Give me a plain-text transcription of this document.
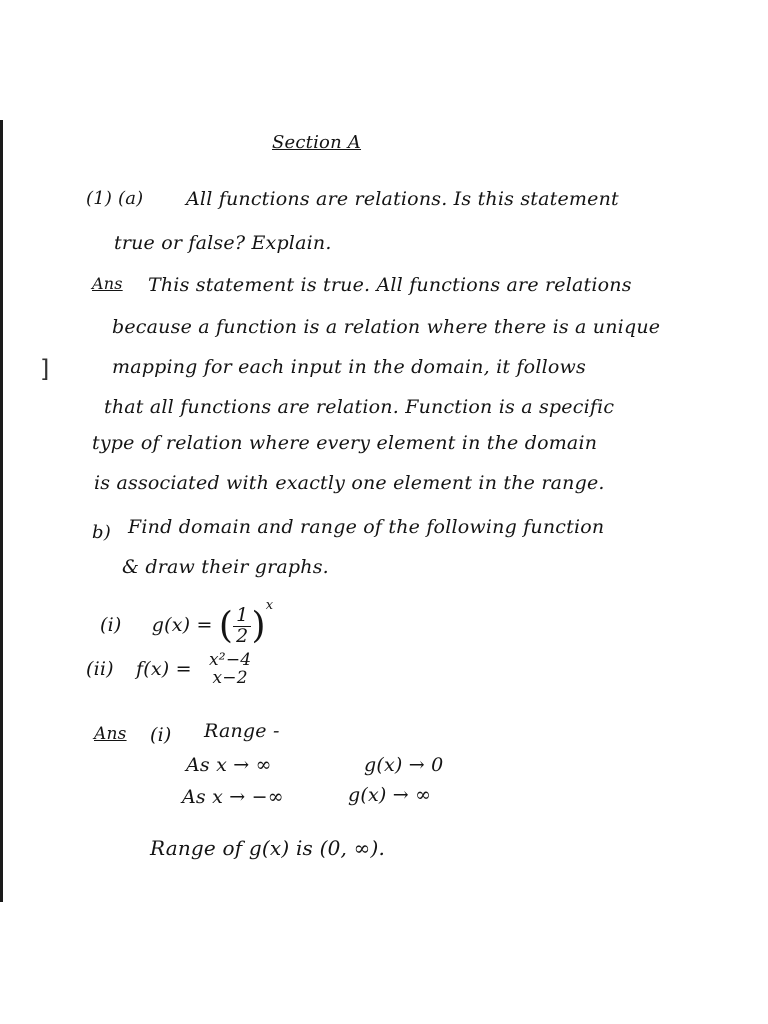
]
Section A
(1) (a) All functions are relations. Is this statement
true or false? Explain.
Ans This statement is true. All functions are relations
because a function is a relation where there is a unique
mapping for each input in the domain, it follows
that all functions are relation. Function is a specific
type of relation where every element in the domain
is associated with exactly one element in the range.
b) Find domain and range of the following function
& draw their graphs.
(i) g(x) = ( $\frac{1}{2} )^x$
(ii) f(x) = x²−4
x−2
Ans (i) Range -
As x → ∞	g(x) → 0
As x → −∞	g(x) → ∞
Range of g(x) is (0, ∞).
